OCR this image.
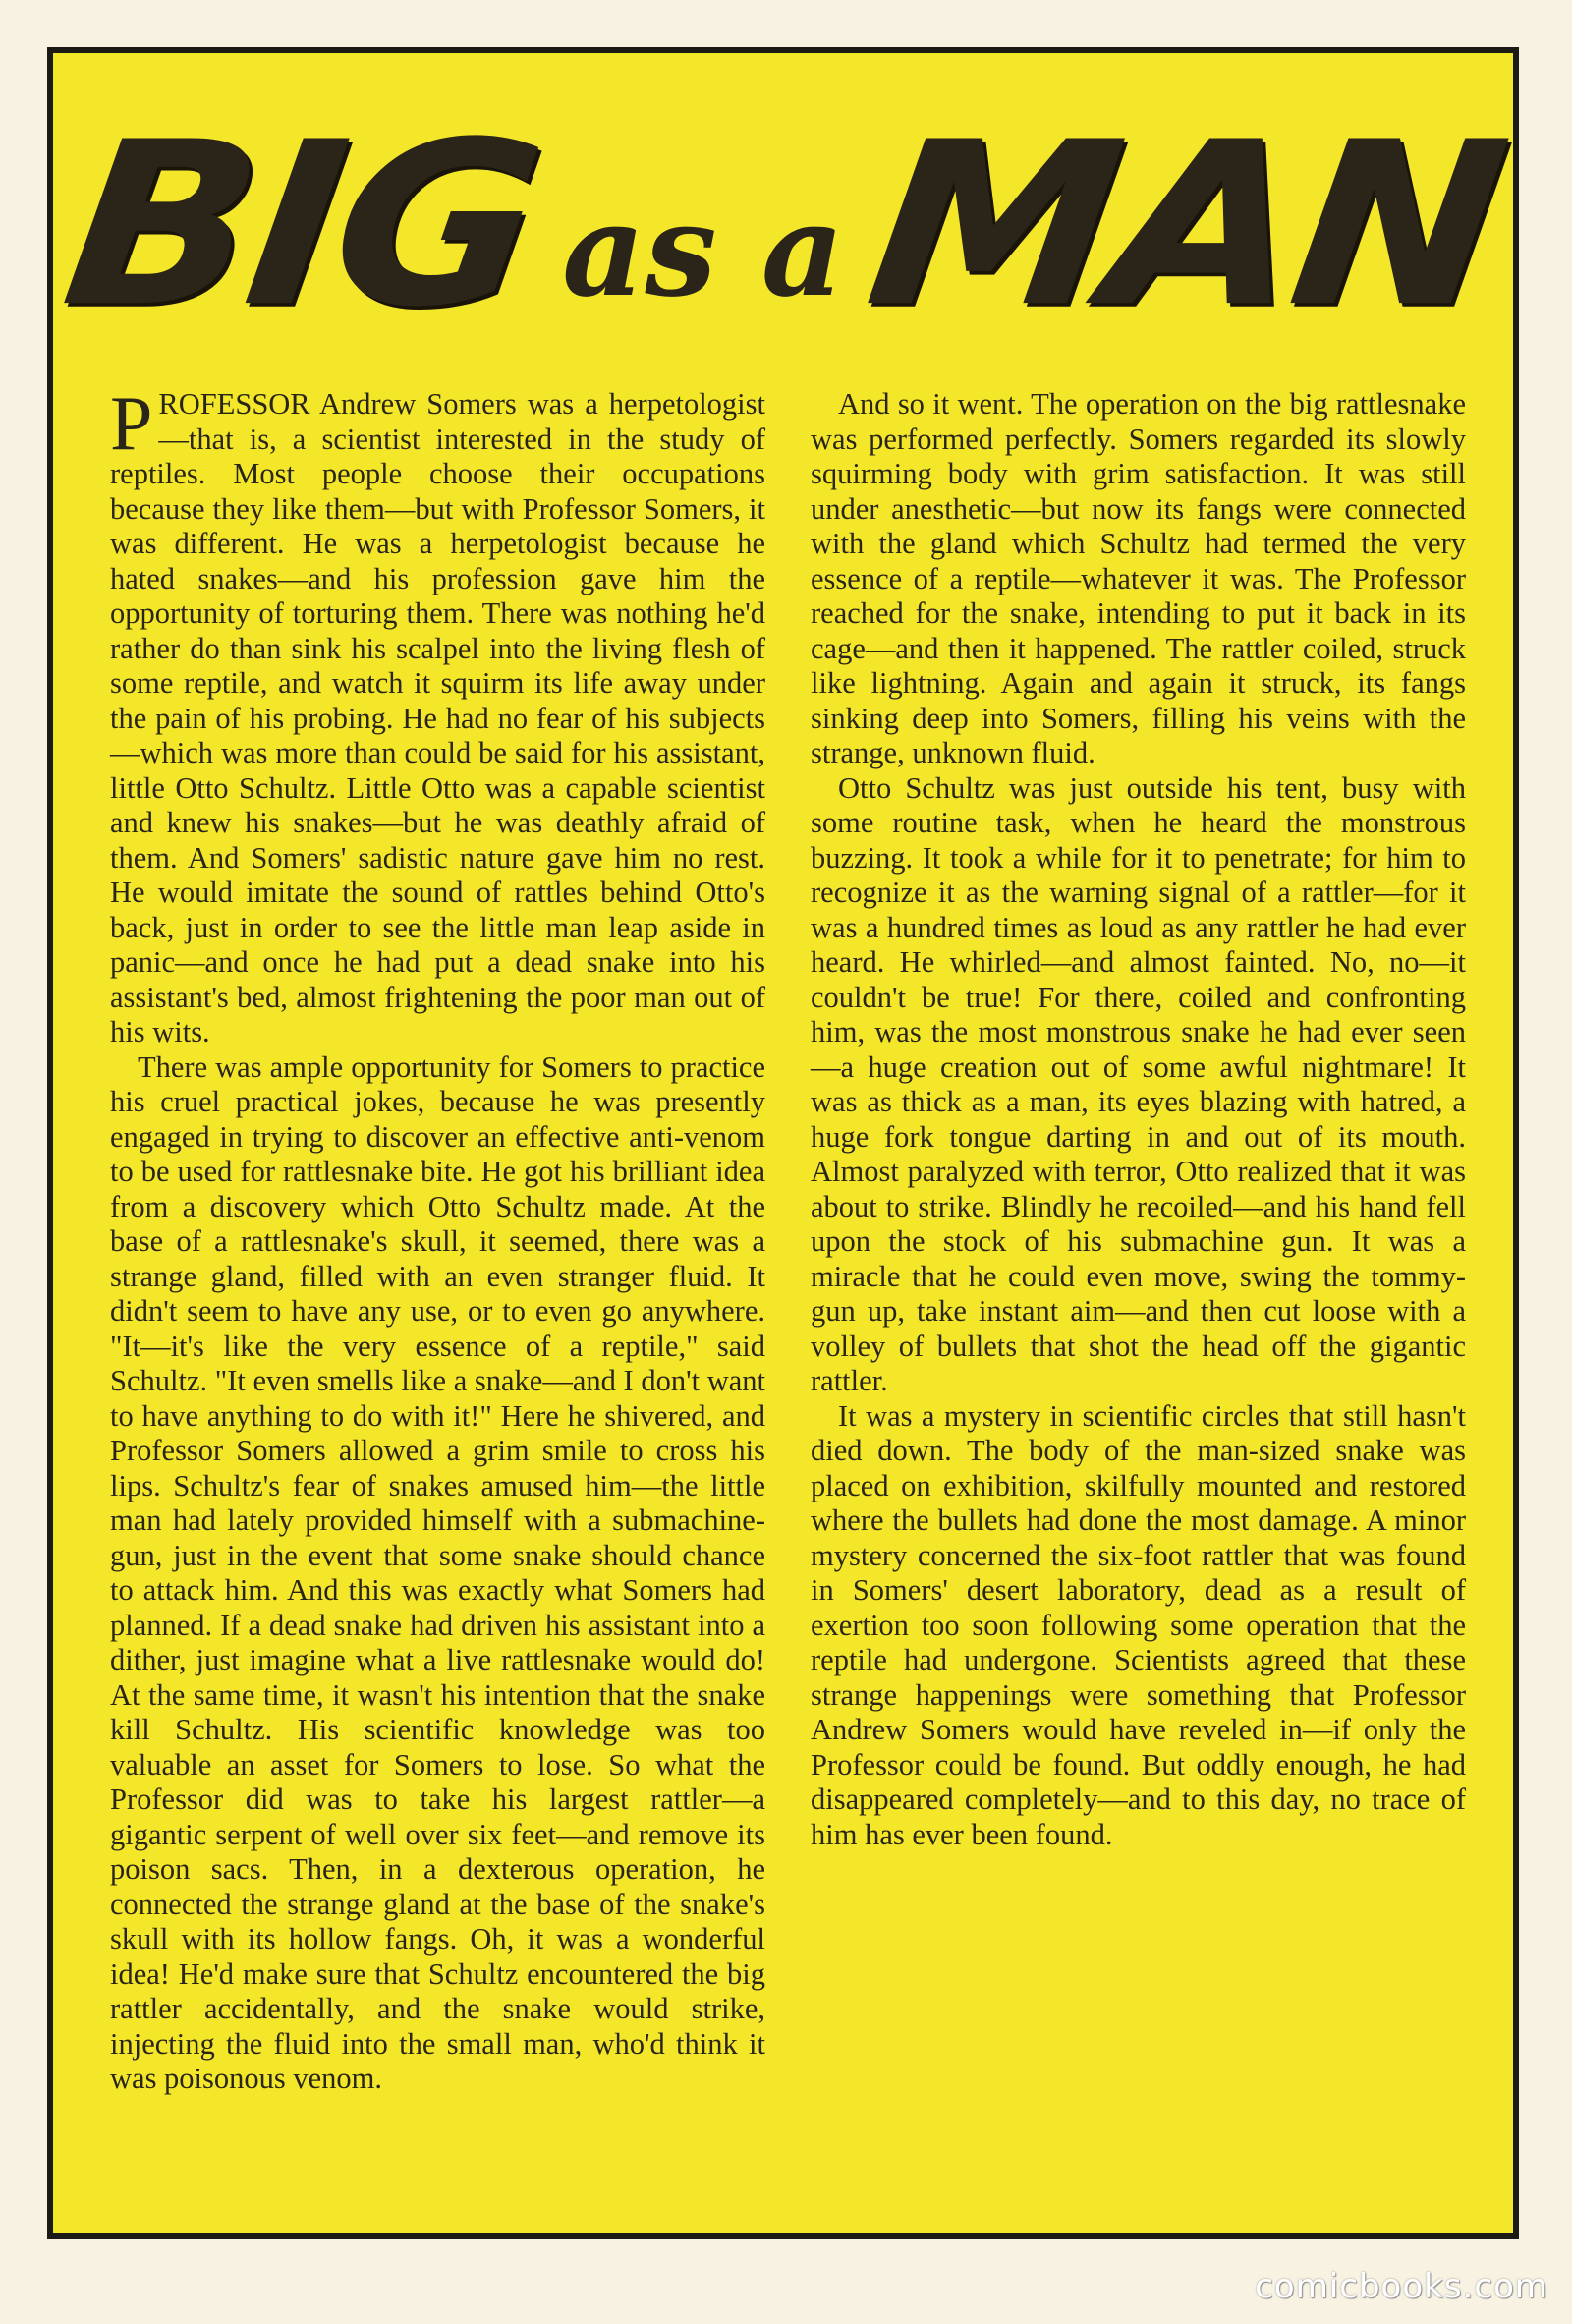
BIG as a MAN

PROFESSOR Andrew Somers was a herpetologist—that is, a scientist interested in the study of reptiles. Most people choose their occupations because they like them—but with Professor Somers, it was different. He was a herpetologist because he hated snakes—and his profession gave him the opportunity of torturing them. There was nothing he'd rather do than sink his scalpel into the living flesh of some reptile, and watch it squirm its life away under the pain of his probing. He had no fear of his subjects—which was more than could be said for his assistant, little Otto Schultz. Little Otto was a capable scientist and knew his snakes—but he was deathly afraid of them. And Somers' sadistic nature gave him no rest. He would imitate the sound of rattles behind Otto's back, just in order to see the little man leap aside in panic—and once he had put a dead snake into his assistant's bed, almost frightening the poor man out of his wits.

There was ample opportunity for Somers to practice his cruel practical jokes, because he was presently engaged in trying to discover an effective anti-venom to be used for rattlesnake bite. He got his brilliant idea from a discovery which Otto Schultz made. At the base of a rattlesnake's skull, it seemed, there was a strange gland, filled with an even stranger fluid. It didn't seem to have any use, or to even go anywhere. "It—it's like the very essence of a reptile," said Schultz. "It even smells like a snake—and I don't want to have anything to do with it!" Here he shivered, and Professor Somers allowed a grim smile to cross his lips. Schultz's fear of snakes amused him—the little man had lately provided himself with a submachine-gun, just in the event that some snake should chance to attack him. And this was exactly what Somers had planned. If a dead snake had driven his assistant into a dither, just imagine what a live rattlesnake would do! At the same time, it wasn't his intention that the snake kill Schultz. His scientific knowledge was too valuable an asset for Somers to lose. So what the Professor did was to take his largest rattler—a gigantic serpent of well over six feet—and remove its poison sacs. Then, in a dexterous operation, he connected the strange gland at the base of the snake's skull with its hollow fangs. Oh, it was a wonderful idea! He'd make sure that Schultz encountered the big rattler accidentally, and the snake would strike, injecting the fluid into the small man, who'd think it was poisonous venom.

And so it went. The operation on the big rattlesnake was performed perfectly. Somers regarded its slowly squirming body with grim satisfaction. It was still under anesthetic—but now its fangs were connected with the gland which Schultz had termed the very essence of a reptile—whatever it was. The Professor reached for the snake, intending to put it back in its cage—and then it happened. The rattler coiled, struck like lightning. Again and again it struck, its fangs sinking deep into Somers, filling his veins with the strange, unknown fluid.

Otto Schultz was just outside his tent, busy with some routine task, when he heard the monstrous buzzing. It took a while for it to penetrate; for him to recognize it as the warning signal of a rattler—for it was a hundred times as loud as any rattler he had ever heard. He whirled—and almost fainted. No, no—it couldn't be true! For there, coiled and confronting him, was the most monstrous snake he had ever seen—a huge creation out of some awful nightmare! It was as thick as a man, its eyes blazing with hatred, a huge fork tongue darting in and out of its mouth. Almost paralyzed with terror, Otto realized that it was about to strike. Blindly he recoiled—and his hand fell upon the stock of his submachine gun. It was a miracle that he could even move, swing the tommy-gun up, take instant aim—and then cut loose with a volley of bullets that shot the head off the gigantic rattler.

It was a mystery in scientific circles that still hasn't died down. The body of the man-sized snake was placed on exhibition, skilfully mounted and restored where the bullets had done the most damage. A minor mystery concerned the six-foot rattler that was found in Somers' desert laboratory, dead as a result of exertion too soon following some operation that the reptile had undergone. Scientists agreed that these strange happenings were something that Professor Andrew Somers would have reveled in—if only the Professor could be found. But oddly enough, he had disappeared completely—and to this day, no trace of him has ever been found.

comicbooks.com
